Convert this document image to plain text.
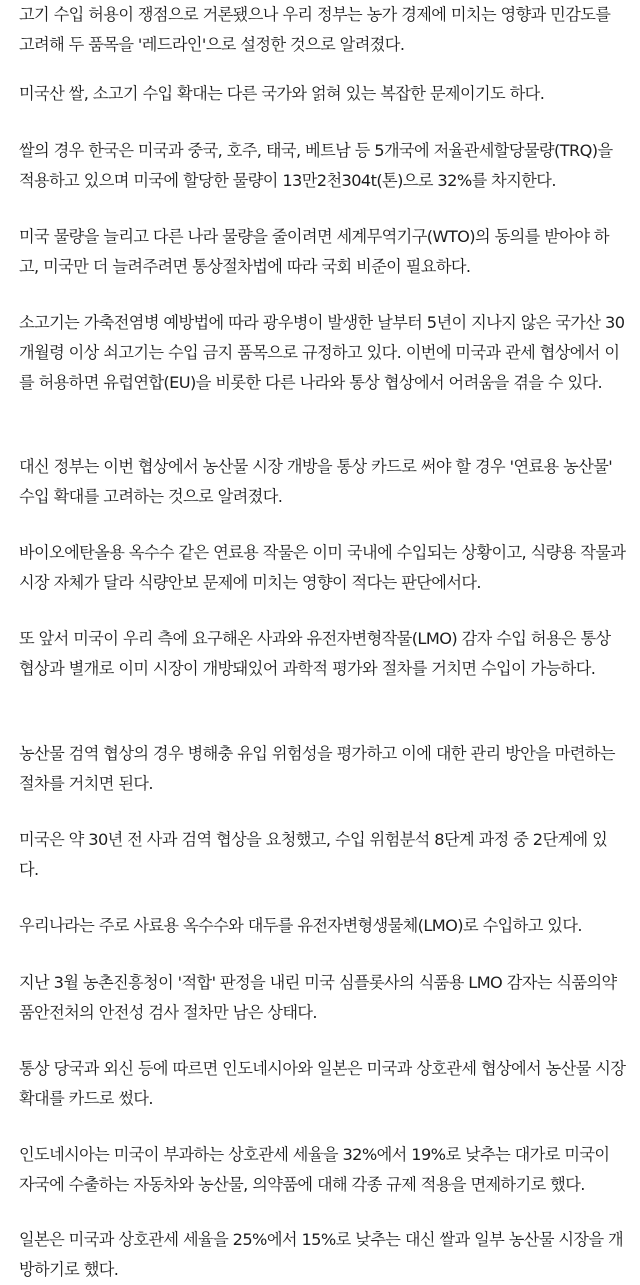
고기 수입 허용이 쟁점으로 거론됐으나 우리 정부는 농가 경제에 미치는 영향과 민감도를 고려해 두 품목을 '레드라인'으로 설정한 것으로 알려졌다.

미국산 쌀, 소고기 수입 확대는 다른 국가와 얽혀 있는 복잡한 문제이기도 하다.

쌀의 경우 한국은 미국과 중국, 호주, 태국, 베트남 등 5개국에 저율관세할당물량(TRQ)을 적용하고 있으며 미국에 할당한 물량이 13만2천304t(톤)으로 32%를 차지한다.

미국 물량을 늘리고 다른 나라 물량을 줄이려면 세계무역기구(WTO)의 동의를 받아야 하고, 미국만 더 늘려주려면 통상절차법에 따라 국회 비준이 필요하다.

소고기는 가축전염병 예방법에 따라 광우병이 발생한 날부터 5년이 지나지 않은 국가산 30개월령 이상 쇠고기는 수입 금지 품목으로 규정하고 있다. 이번에 미국과 관세 협상에서 이를 허용하면 유럽연합(EU)을 비롯한 다른 나라와 통상 협상에서 어려움을 겪을 수 있다.

대신 정부는 이번 협상에서 농산물 시장 개방을 통상 카드로 써야 할 경우 '연료용 농산물' 수입 확대를 고려하는 것으로 알려졌다.

바이오에탄올용 옥수수 같은 연료용 작물은 이미 국내에 수입되는 상황이고, 식량용 작물과 시장 자체가 달라 식량안보 문제에 미치는 영향이 적다는 판단에서다.

또 앞서 미국이 우리 측에 요구해온 사과와 유전자변형작물(LMO) 감자 수입 허용은 통상 협상과 별개로 이미 시장이 개방돼있어 과학적 평가와 절차를 거치면 수입이 가능하다.

농산물 검역 협상의 경우 병해충 유입 위험성을 평가하고 이에 대한 관리 방안을 마련하는 절차를 거치면 된다.

미국은 약 30년 전 사과 검역 협상을 요청했고, 수입 위험분석 8단계 과정 중 2단계에 있다.

우리나라는 주로 사료용 옥수수와 대두를 유전자변형생물체(LMO)로 수입하고 있다.

지난 3월 농촌진흥청이 '적합' 판정을 내린 미국 심플롯사의 식품용 LMO 감자는 식품의약품안전처의 안전성 검사 절차만 남은 상태다.

통상 당국과 외신 등에 따르면 인도네시아와 일본은 미국과 상호관세 협상에서 농산물 시장 확대를 카드로 썼다.

인도네시아는 미국이 부과하는 상호관세 세율을 32%에서 19%로 낮추는 대가로 미국이 자국에 수출하는 자동차와 농산물, 의약품에 대해 각종 규제 적용을 면제하기로 했다.

일본은 미국과 상호관세 세율을 25%에서 15%로 낮추는 대신 쌀과 일부 농산물 시장을 개방하기로 했다.
